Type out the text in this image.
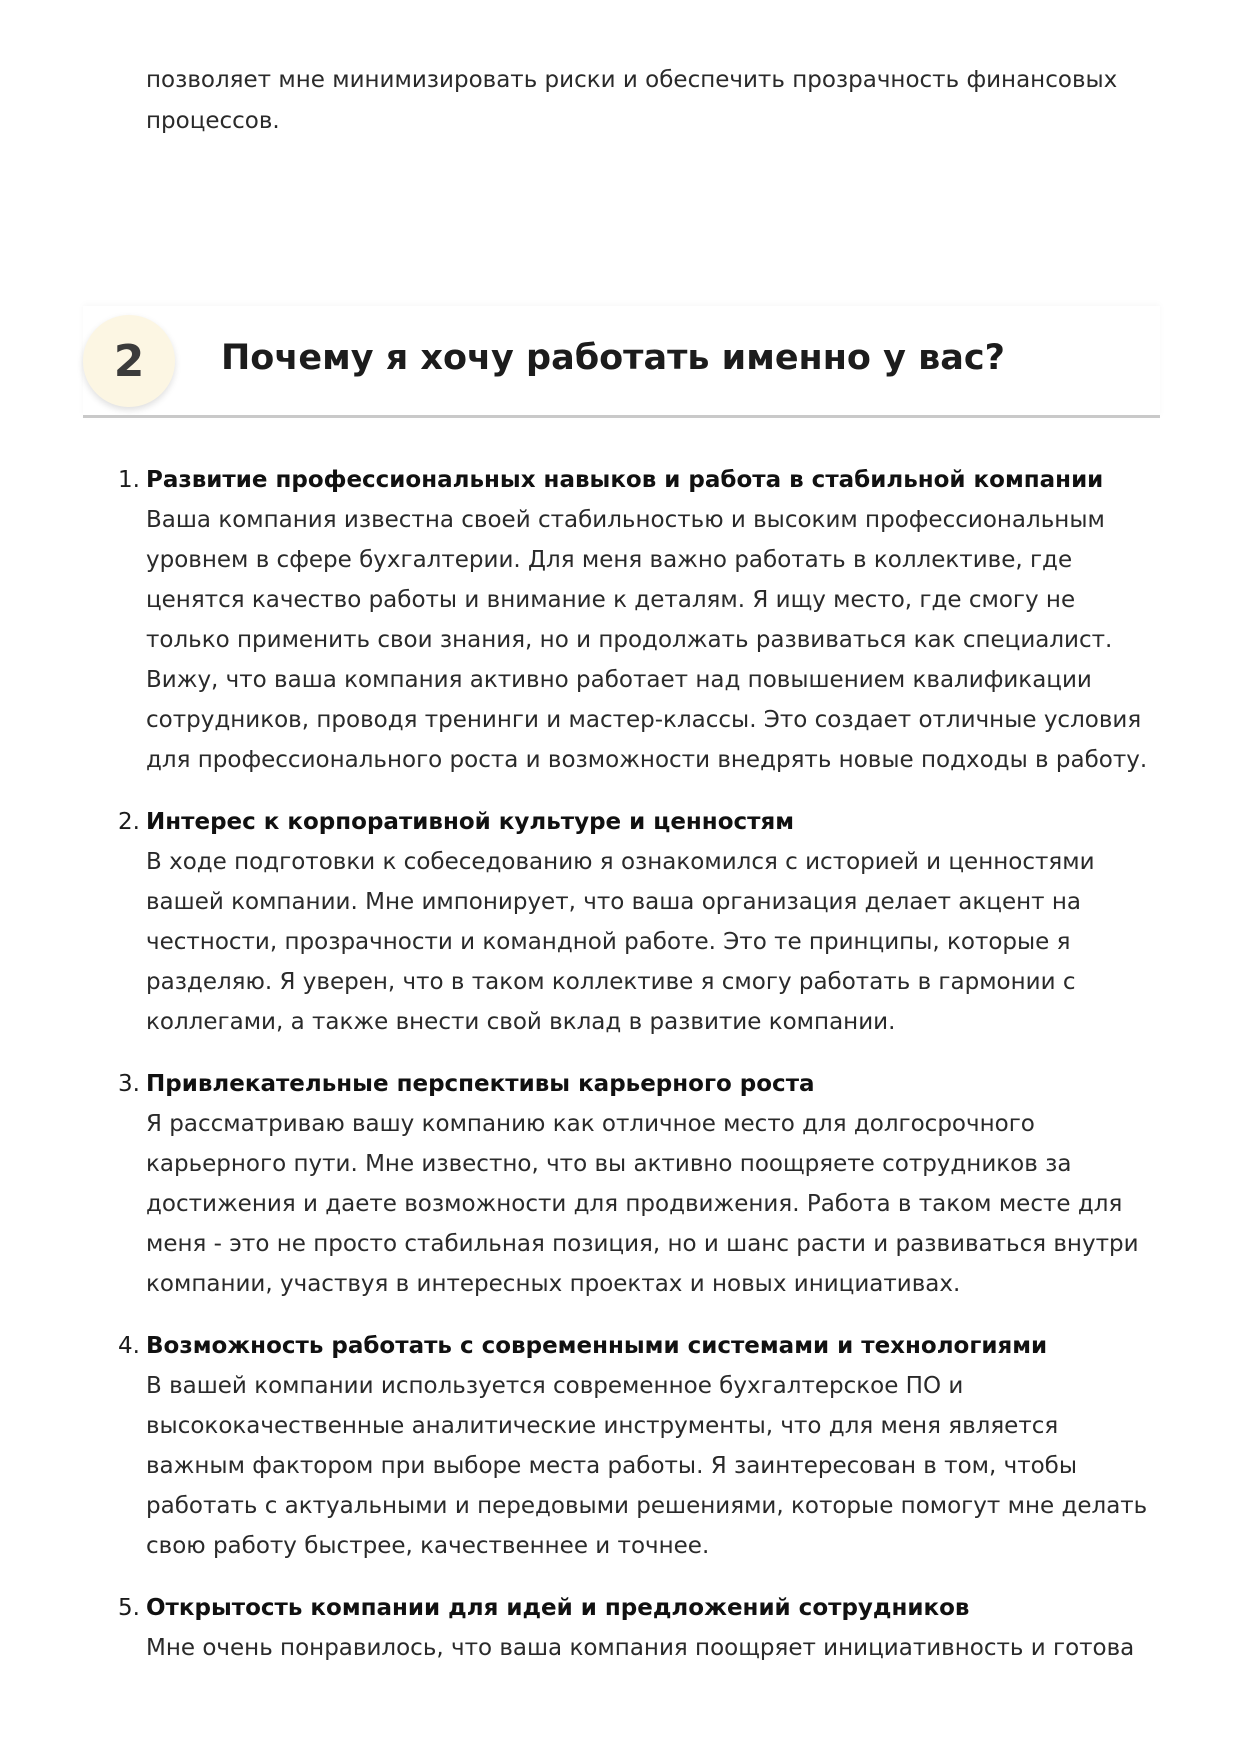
позволяет мне минимизировать риски и обеспечить прозрачность финансовых процессов.

2	Почему я хочу работать именно у вас?
1. Развитие профессиональных навыков и работа в стабильной компании
Ваша компания известна своей стабильностью и высоким профессиональным уровнем в сфере бухгалтерии. Для меня важно работать в коллективе, где ценятся качество работы и внимание к деталям. Я ищу место, где смогу не только применить свои знания, но и продолжать развиваться как специалист. Вижу, что ваша компания активно работает над повышением квалификации сотрудников, проводя тренинги и мастер-классы. Это создает отличные условия для профессионального роста и возможности внедрять новые подходы в работу.
2. Интерес к корпоративной культуре и ценностям
В ходе подготовки к собеседованию я ознакомился с историей и ценностями вашей компании. Мне импонирует, что ваша организация делает акцент на честности, прозрачности и командной работе. Это те принципы, которые я разделяю. Я уверен, что в таком коллективе я смогу работать в гармонии с коллегами, а также внести свой вклад в развитие компании.
3. Привлекательные перспективы карьерного роста
Я рассматриваю вашу компанию как отличное место для долгосрочного карьерного пути. Мне известно, что вы активно поощряете сотрудников за достижения и даете возможности для продвижения. Работа в таком месте для меня - это не просто стабильная позиция, но и шанс расти и развиваться внутри компании, участвуя в интересных проектах и новых инициативах.
4. Возможность работать с современными системами и технологиями
В вашей компании используется современное бухгалтерское ПО и высококачественные аналитические инструменты, что для меня является важным фактором при выборе места работы. Я заинтересован в том, чтобы работать с актуальными и передовыми решениями, которые помогут мне делать свою работу быстрее, качественнее и точнее.
5. Открытость компании для идей и предложений сотрудников
Мне очень понравилось, что ваша компания поощряет инициативность и готова
